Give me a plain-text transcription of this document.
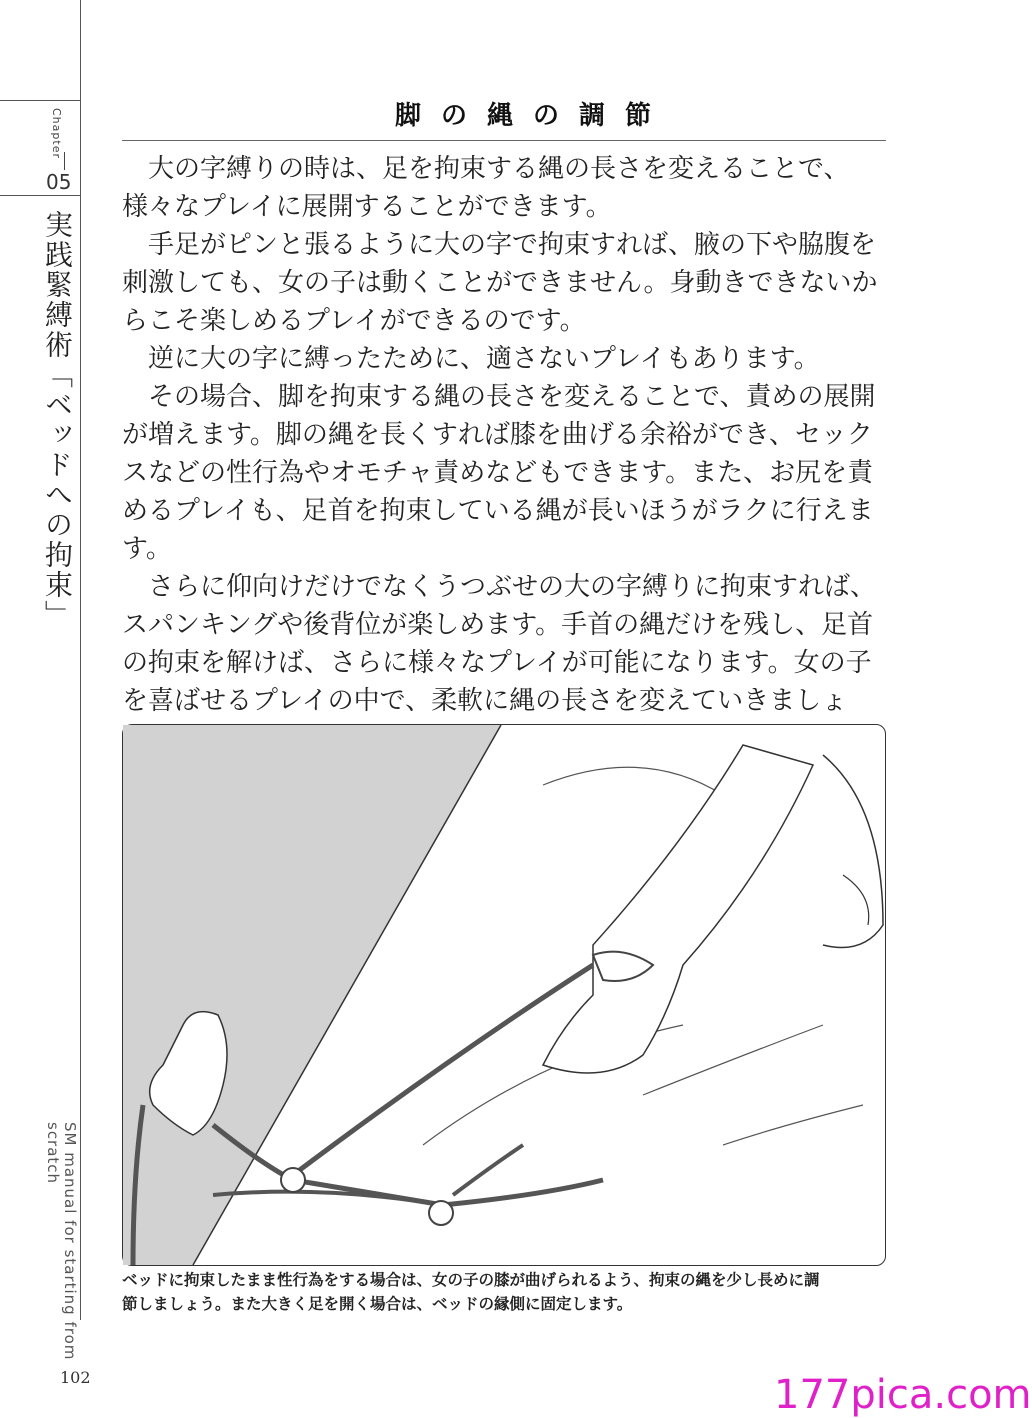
Chapter
05
実践緊縛術「ベッドへの拘束」
SM manual for starting from scratch
102
脚の縄の調節

大の字縛りの時は、足を拘束する縄の長さを変えることで、様々なプレイに展開することができます。

手足がピンと張るように大の字で拘束すれば、腋の下や脇腹を刺激しても、女の子は動くことができません。身動きできないからこそ楽しめるプレイができるのです。

逆に大の字に縛ったために、適さないプレイもあります。

その場合、脚を拘束する縄の長さを変えることで、責めの展開が増えます。脚の縄を長くすれば膝を曲げる余裕ができ、セックスなどの性行為やオモチャ責めなどもできます。また、お尻を責めるプレイも、足首を拘束している縄が長いほうがラクに行えます。

さらに仰向けだけでなくうつぶせの大の字縛りに拘束すれば、スパンキングや後背位が楽しめます。手首の縄だけを残し、足首の拘束を解けば、さらに様々なプレイが可能になります。女の子を喜ばせるプレイの中で、柔軟に縄の長さを変えていきましょ

ベッドに拘束したまま性行為をする場合は、女の子の膝が曲げられるよう、拘束の縄を少し長めに調節しましょう。また大きく足を開く場合は、ベッドの縁側に固定します。
177pica.com
